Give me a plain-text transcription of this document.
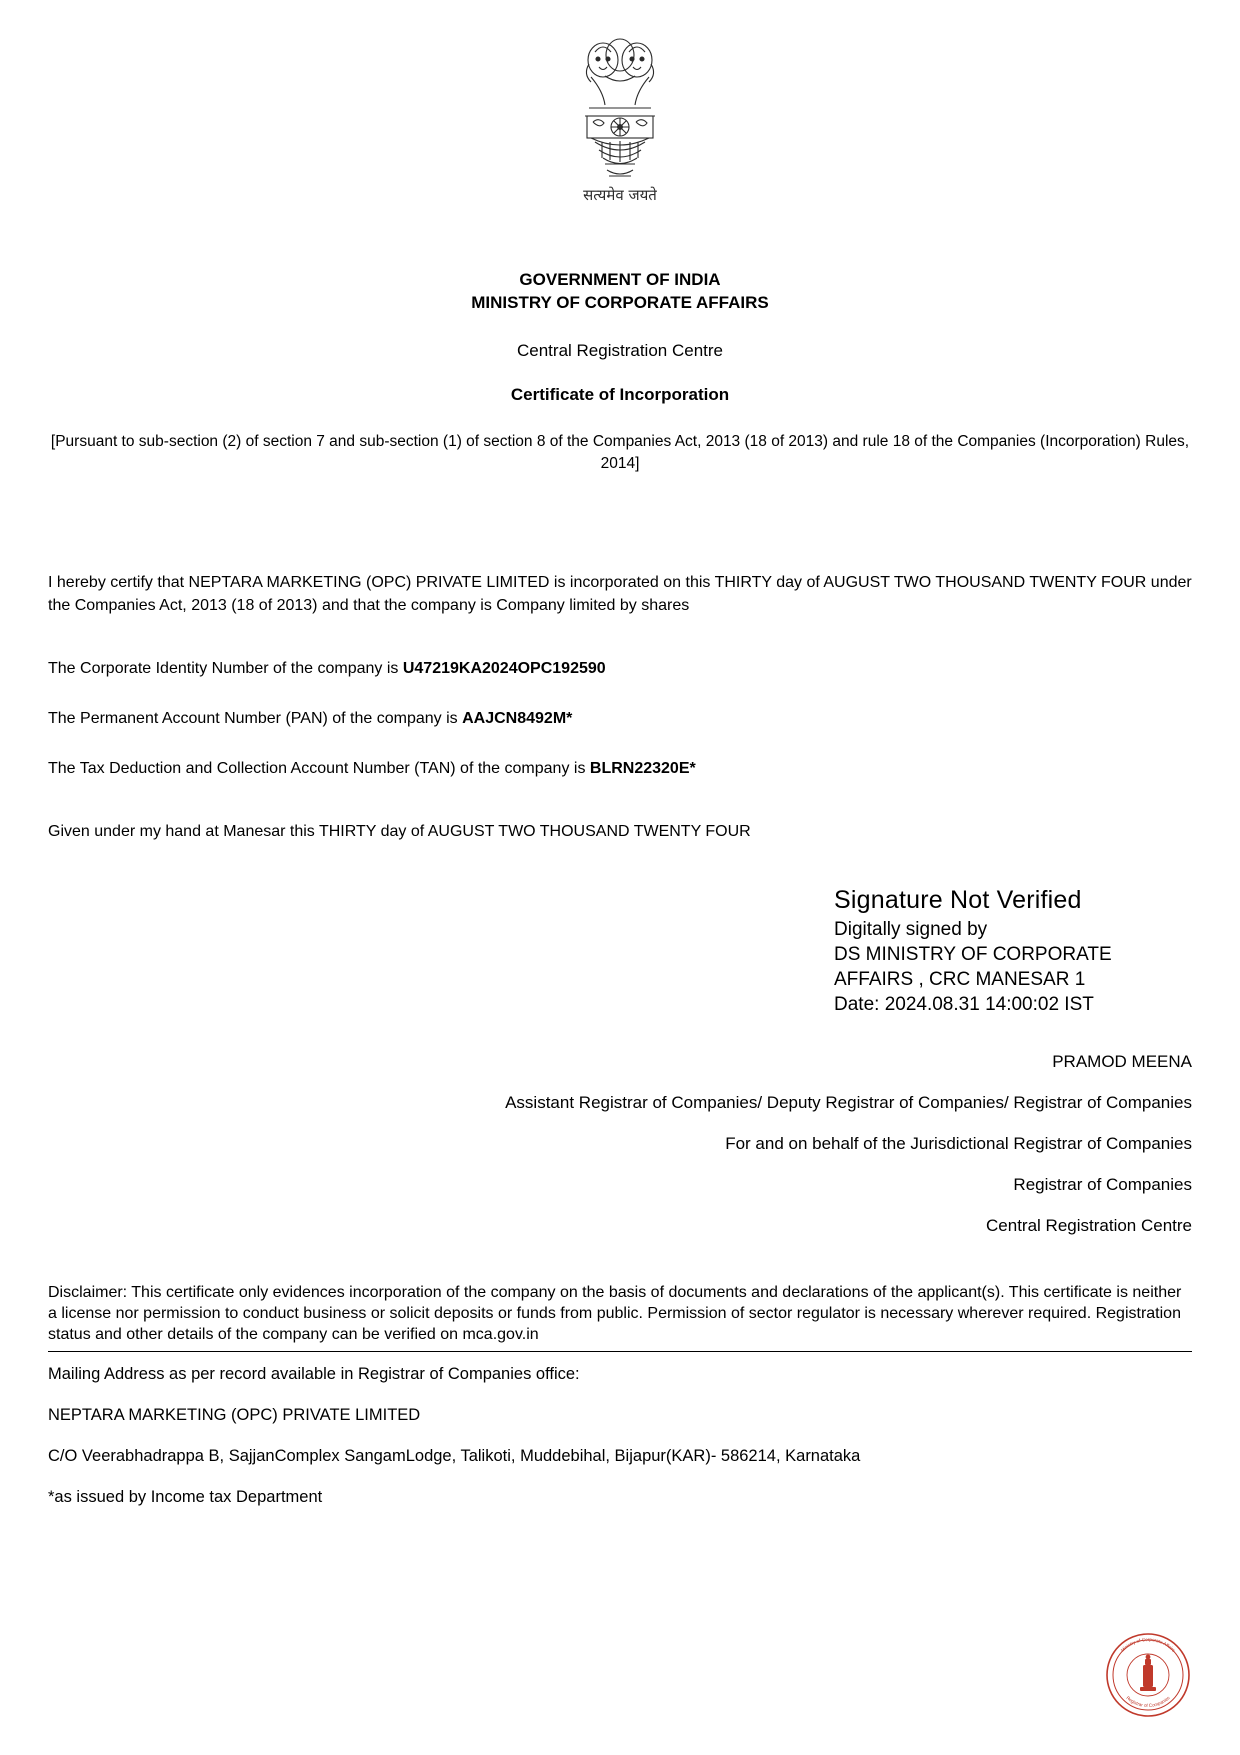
सत्यमेव जयते
GOVERNMENT OF INDIA
MINISTRY OF CORPORATE AFFAIRS
Central Registration Centre
Certificate of Incorporation
[Pursuant to sub-section (2) of section 7 and sub-section (1) of section 8 of the Companies Act, 2013 (18 of 2013) and rule 18 of the Companies (Incorporation) Rules, 2014]
I hereby certify that NEPTARA MARKETING (OPC) PRIVATE LIMITED is incorporated on this THIRTY day of AUGUST TWO THOUSAND TWENTY FOUR under the Companies Act, 2013 (18 of 2013) and that the company is Company limited by shares
The Corporate Identity Number of the company is U47219KA2024OPC192590
The Permanent Account Number (PAN) of the company is AAJCN8492M*
The Tax Deduction and Collection Account Number (TAN) of the company is BLRN22320E*
Given under my hand at Manesar this THIRTY day of AUGUST TWO THOUSAND TWENTY FOUR
?
Signature Not Verified
Digitally signed by
DS MINISTRY OF CORPORATE
AFFAIRS , CRC MANESAR 1
Date: 2024.08.31 14:00:02 IST
PRAMOD MEENA
Assistant Registrar of Companies/ Deputy Registrar of Companies/ Registrar of Companies
For and on behalf of the Jurisdictional Registrar of Companies
Registrar of Companies
Central Registration Centre
Disclaimer: This certificate only evidences incorporation of the company on the basis of documents and declarations of the applicant(s). This certificate is neither a license nor permission to conduct business or solicit deposits or funds from public. Permission of sector regulator is necessary wherever required. Registration status and other details of the company can be verified on mca.gov.in
Mailing Address as per record available in Registrar of Companies office:
NEPTARA MARKETING (OPC) PRIVATE LIMITED
C/O Veerabhadrappa B, SajjanComplex SangamLodge, Talikoti, Muddebihal, Bijapur(KAR)- 586214, Karnataka
*as issued by Income tax Department
Ministry of Corporate Affairs
Registrar of Companies
